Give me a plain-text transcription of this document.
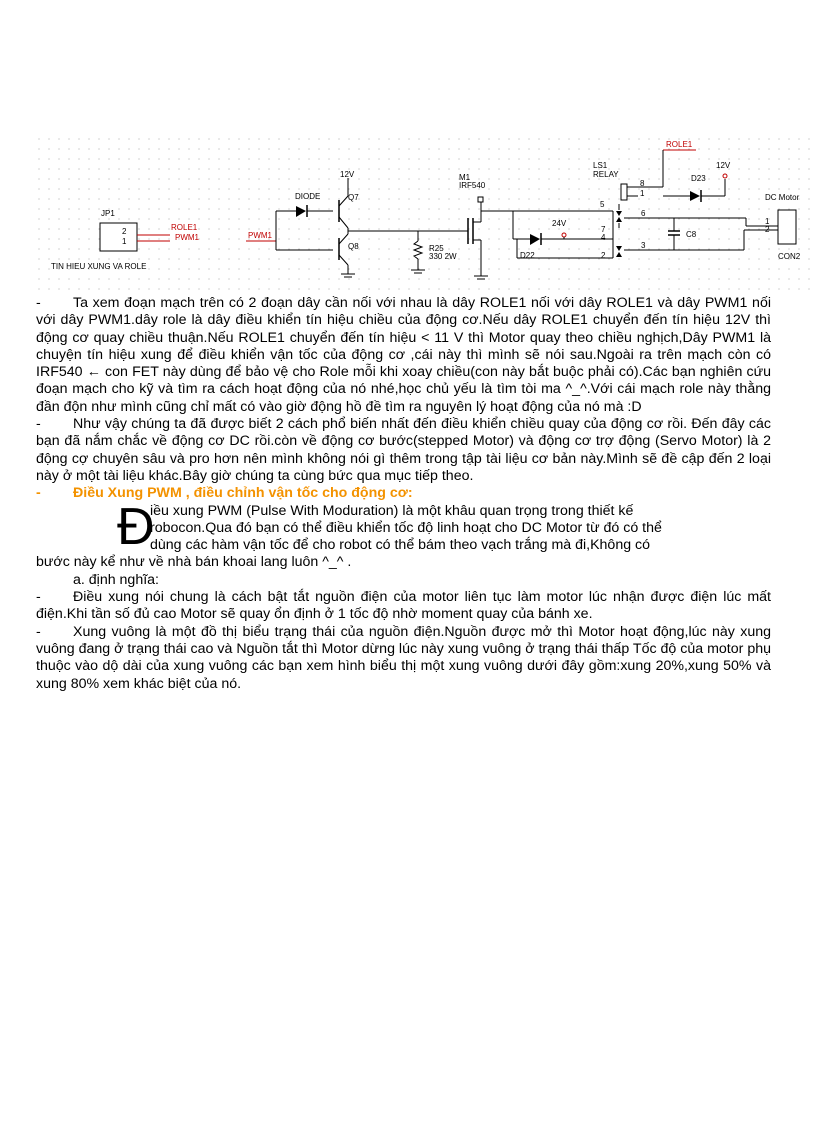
JP1
2
1
ROLE1
PWM1
TIN HIEU XUNG VA ROLE
PWM1
DIODE
12V
Q7
Q8	R25
330 2W
M1
IRF540
D22
24V
LS1
RELAY
8
1
5
6
7
4
3
2
ROLE1
12V
D23
C8
1
2
DC Motor
CON2

- Ta xem đoạn mạch trên có 2 đoạn dây cần nối với nhau là dây ROLE1 nối với dây ROLE1 và dây PWM1 nối với dây PWM1.dây role là dây điều khiển tín hiệu chiều của động cơ.Nếu dây ROLE1 chuyển đến tín hiệu 12V thì động cơ quay chiều thuận.Nếu ROLE1 chuyển đến tín hiệu < 11 V thì Motor quay theo chiều nghịch,Dây PWM1 là chuyện tín hiệu xung để điều khiển vận tốc của động cơ ,cái này thì mình sẽ nói sau.Ngoài ra trên mạch còn có IRF540 ← con FET này dùng để bảo vệ cho Role mỗi khi xoay chiều(con này bắt buộc phải có).Các bạn nghiên cứu đoạn mạch cho kỹ và tìm ra cách hoạt động của nó nhé,học chủ yếu là tìm tòi ma ^_^.Với cái mạch role này thằng đần độn như mình cũng chỉ mất có vào giờ động hồ đề tìm ra nguyên lý hoạt động của nó mà :D

- Như vậy chúng ta đã được biết 2 cách phổ biến nhất đến điều khiển chiều quay của động cơ rồi. Đến đây các bạn đã nắm chắc về động cơ DC rồi.còn về động cơ bước(stepped Motor) và động cơ trợ động (Servo Motor) là 2 động cợ chuyên sâu và pro hơn nên mình không nói gì thêm trong tập tài liệu cơ bản này.Mình sẽ đề cập đến 2 loại này ở một tài liệu khác.Bây giờ chúng ta cùng bức qua mục tiếp theo.

- Điều Xung PWM , điều chỉnh vận tốc cho động cơ:

Đ

iều xung PWM (Pulse With Moduration) là một khâu quan trọng trong thiết kế

robocon.Qua đó bạn có thể điều khiển tốc độ linh hoạt cho DC Motor từ đó có thể

dùng các hàm vận tốc để cho robot có thể bám theo vạch trắng mà đi,Không có

bước này kể như về nhà bán khoai lang luôn ^_^ .

a. định nghĩa:

- Điều xung nói chung là cách bật tắt nguồn điện của motor liên tục làm motor lúc nhận được điện lúc mất điện.Khi tần số đủ cao Motor sẽ quay ổn định ở 1 tốc độ nhờ moment quay của bánh xe.

- Xung vuông là một đồ thị biểu trạng thái của nguồn điện.Nguồn được mở thì Motor hoạt động,lúc này xung vuông đang ở trạng thái cao và Nguồn tắt thì Motor dừng lúc này xung vuông ở trạng thái thấp Tốc độ của motor phụ thuộc vào dộ dài của xung vuông các bạn xem hình biểu thị một xung vuông dưới đây gồm:xung 20%,xung 50% và xung 80% xem khác biệt của nó.
